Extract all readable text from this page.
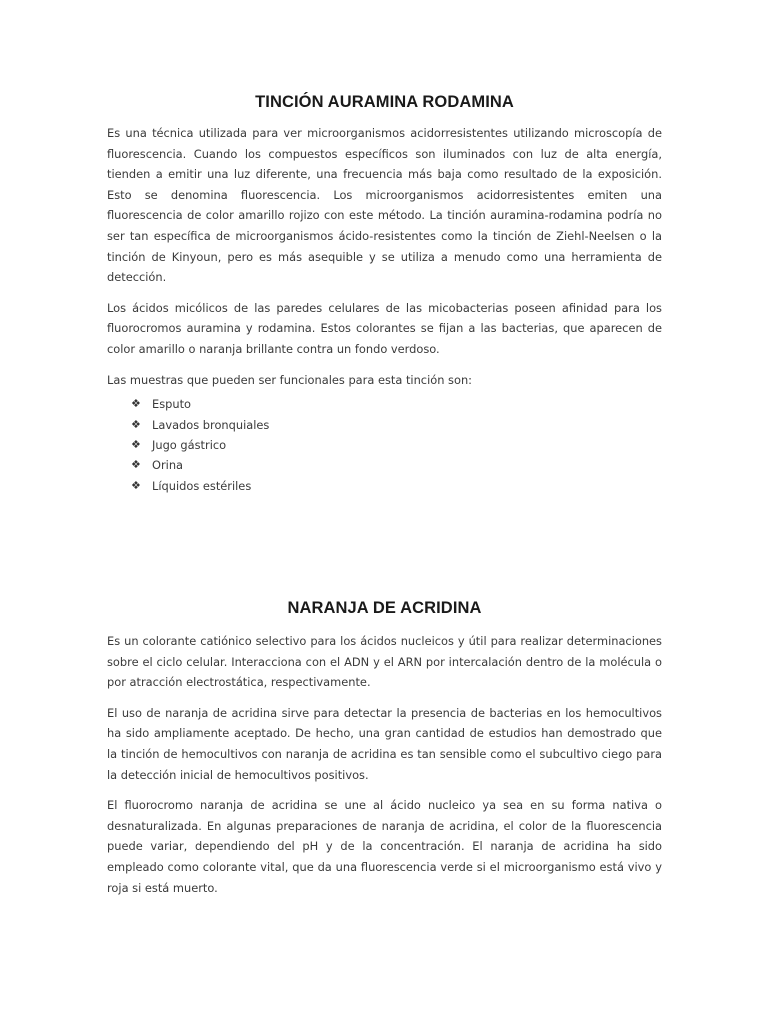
TINCIÓN AURAMINA RODAMINA

Es una técnica utilizada para ver microorganismos acidorresistentes utilizando microscopía de fluorescencia. Cuando los compuestos específicos son iluminados con luz de alta energía, tienden a emitir una luz diferente, una frecuencia más baja como resultado de la exposición. Esto se denomina fluorescencia. Los microorganismos acidorresistentes emiten una fluorescencia de color amarillo rojizo con este método. La tinción auramina-rodamina podría no ser tan específica de microorganismos ácido-resistentes como la tinción de Ziehl-Neelsen o la tinción de Kinyoun, pero es más asequible y se utiliza a menudo como una herramienta de detección.

Los ácidos micólicos de las paredes celulares de las micobacterias poseen afinidad para los fluorocromos auramina y rodamina. Estos colorantes se fijan a las bacterias, que aparecen de color amarillo o naranja brillante contra un fondo verdoso.

Las muestras que pueden ser funcionales para esta tinción son:

❖ Esputo
❖ Lavados bronquiales
❖ Jugo gástrico
❖ Orina
❖ Líquidos estériles
NARANJA DE ACRIDINA

Es un colorante catiónico selectivo para los ácidos nucleicos y útil para realizar determinaciones sobre el ciclo celular. Interacciona con el ADN y el ARN por intercalación dentro de la molécula o por atracción electrostática, respectivamente.

El uso de naranja de acridina sirve para detectar la presencia de bacterias en los hemocultivos ha sido ampliamente aceptado. De hecho, una gran cantidad de estudios han demostrado que la tinción de hemocultivos con naranja de acridina es tan sensible como el subcultivo ciego para la detección inicial de hemocultivos positivos.

El fluorocromo naranja de acridina se une al ácido nucleico ya sea en su forma nativa o desnaturalizada. En algunas preparaciones de naranja de acridina, el color de la fluorescencia puede variar, dependiendo del pH y de la concentración. El naranja de acridina ha sido empleado como colorante vital, que da una fluorescencia verde si el microorganismo está vivo y roja si está muerto.
